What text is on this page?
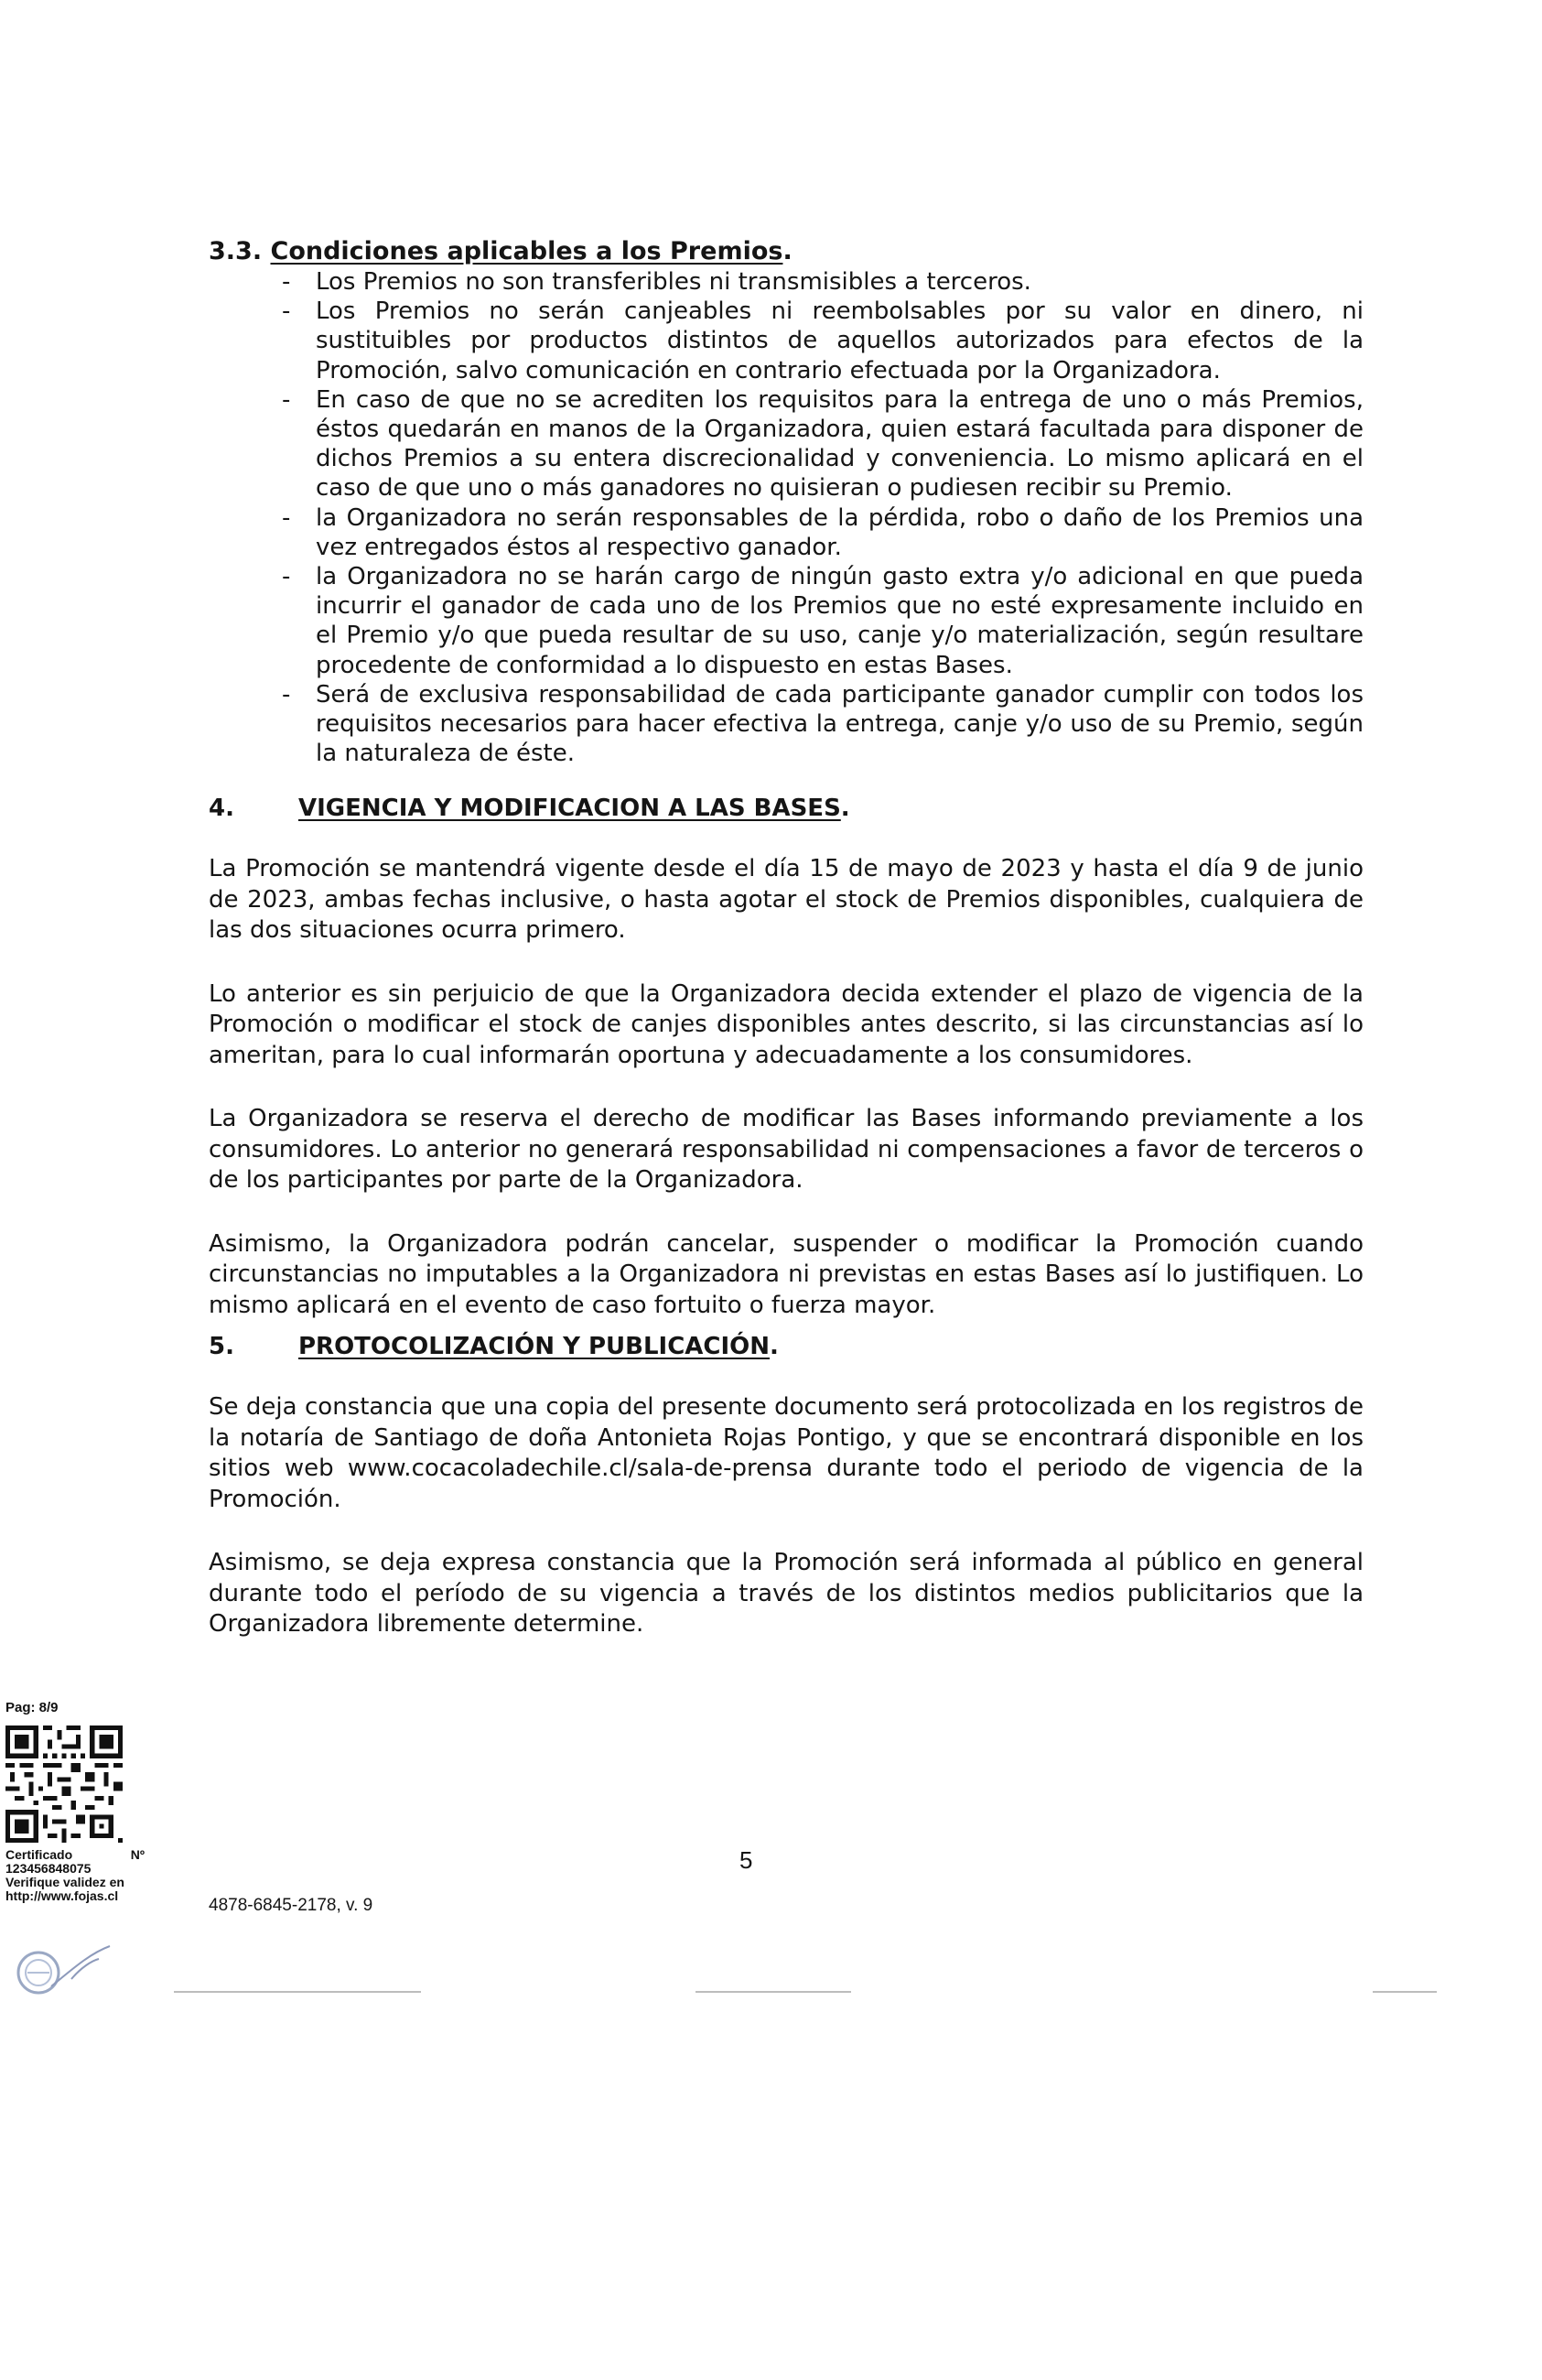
3.3. Condiciones aplicables a los Premios.
- Los Premios no son transferibles ni transmisibles a terceros.
- Los Premios no serán canjeables ni reembolsables por su valor en dinero, ni sustituibles por productos distintos de aquellos autorizados para efectos de la Promoción, salvo comunicación en contrario efectuada por la Organizadora.
- En caso de que no se acrediten los requisitos para la entrega de uno o más Premios, éstos quedarán en manos de la Organizadora, quien estará facultada para disponer de dichos Premios a su entera discrecionalidad y conveniencia. Lo mismo aplicará en el caso de que uno o más ganadores no quisieran o pudiesen recibir su Premio.
- la Organizadora no serán responsables de la pérdida, robo o daño de los Premios una vez entregados éstos al respectivo ganador.
- la Organizadora no se harán cargo de ningún gasto extra y/o adicional en que pueda incurrir el ganador de cada uno de los Premios que no esté expresamente incluido en el Premio y/o que pueda resultar de su uso, canje y/o materialización, según resultare procedente de conformidad a lo dispuesto en estas Bases.
- Será de exclusiva responsabilidad de cada participante ganador cumplir con todos los requisitos necesarios para hacer efectiva la entrega, canje y/o uso de su Premio, según la naturaleza de éste.
4.	VIGENCIA Y MODIFICACION A LAS BASES.

La Promoción se mantendrá vigente desde el día 15 de mayo de 2023 y hasta el día 9 de junio de 2023, ambas fechas inclusive, o hasta agotar el stock de Premios disponibles, cualquiera de las dos situaciones ocurra primero.

Lo anterior es sin perjuicio de que la Organizadora decida extender el plazo de vigencia de la Promoción o modificar el stock de canjes disponibles antes descrito, si las circunstancias así lo ameritan, para lo cual informarán oportuna y adecuadamente a los consumidores.

La Organizadora se reserva el derecho de modificar las Bases informando previamente a los consumidores. Lo anterior no generará responsabilidad ni compensaciones a favor de terceros o de los participantes por parte de la Organizadora.

Asimismo, la Organizadora podrán cancelar, suspender o modificar la Promoción cuando circunstancias no imputables a la Organizadora ni previstas en estas Bases así lo justifiquen. Lo mismo aplicará en el evento de caso fortuito o fuerza mayor.

5.	PROTOCOLIZACIÓN Y PUBLICACIÓN.

Se deja constancia que una copia del presente documento será protocolizada en los registros de la notaría de Santiago de doña Antonieta Rojas Pontigo, y que se encontrará disponible en los sitios web www.cocacoladechile.cl/sala-de-prensa durante todo el periodo de vigencia de la Promoción.

Asimismo, se deja expresa constancia que la Promoción será informada al público en general durante todo el período de su vigencia a través de los distintos medios publicitarios que la Organizadora libremente determine.

5
4878-6845-2178, v. 9
Pag: 8/9
Certificado	Nº
123456848075
Verifique validez en
http://www.fojas.cl
